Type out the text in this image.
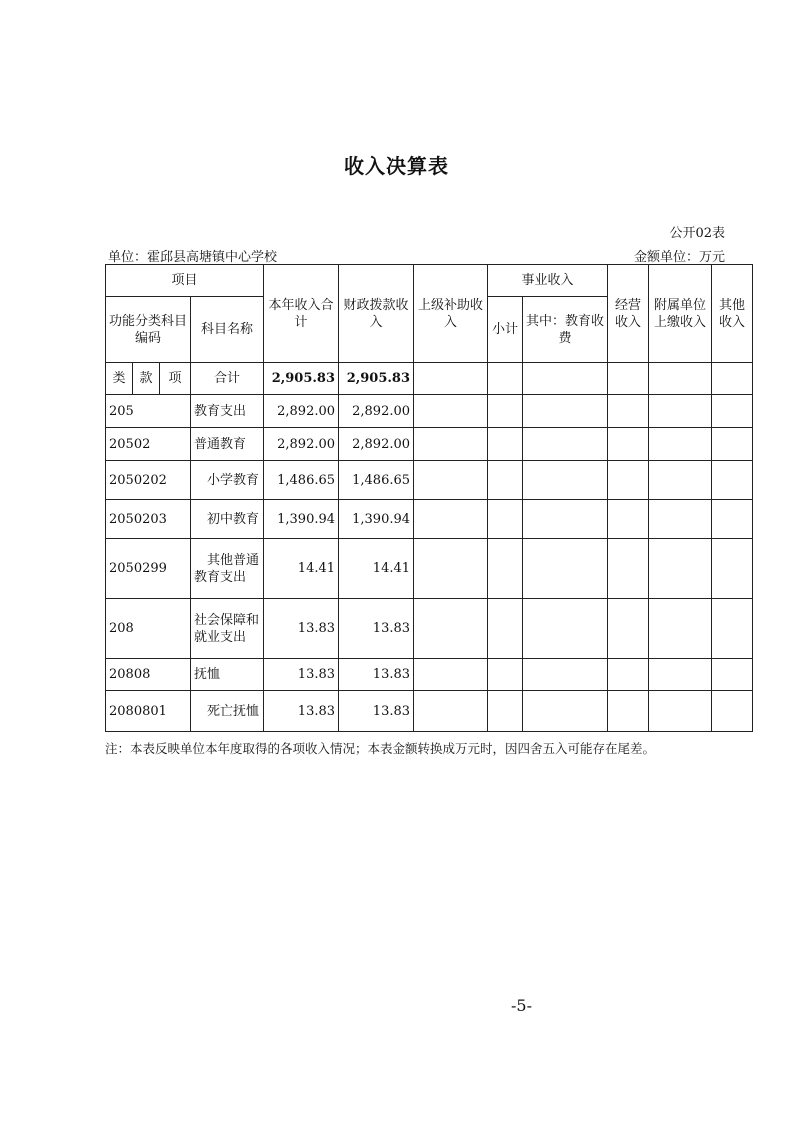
收入决算表
公开02表
单位：霍邱县高塘镇中心学校	金额单位：万元
项目				本年收入合计	财政拨款收入	上级补助收入	事业收入		经营收入	附属单位上缴收入	其他收入
功能分类科目编码			科目名称				小计	其中：教育收费			

类	款	项	合计	2,905.83	2,905.83						
205			教育支出	2,892.00	2,892.00						
20502			普通教育	2,892.00	2,892.00						
2050202			小学教育	1,486.65	1,486.65						
2050203			初中教育	1,390.94	1,390.94						
2050299			其他普通教育支出	14.41	14.41						
208			社会保障和就业支出	13.83	13.83						
20808			抚恤	13.83	13.83						
2080801			死亡抚恤	13.83	13.83						
注：本表反映单位本年度取得的各项收入情况；本表金额转换成万元时，因四舍五入可能存在尾差。
-5-
